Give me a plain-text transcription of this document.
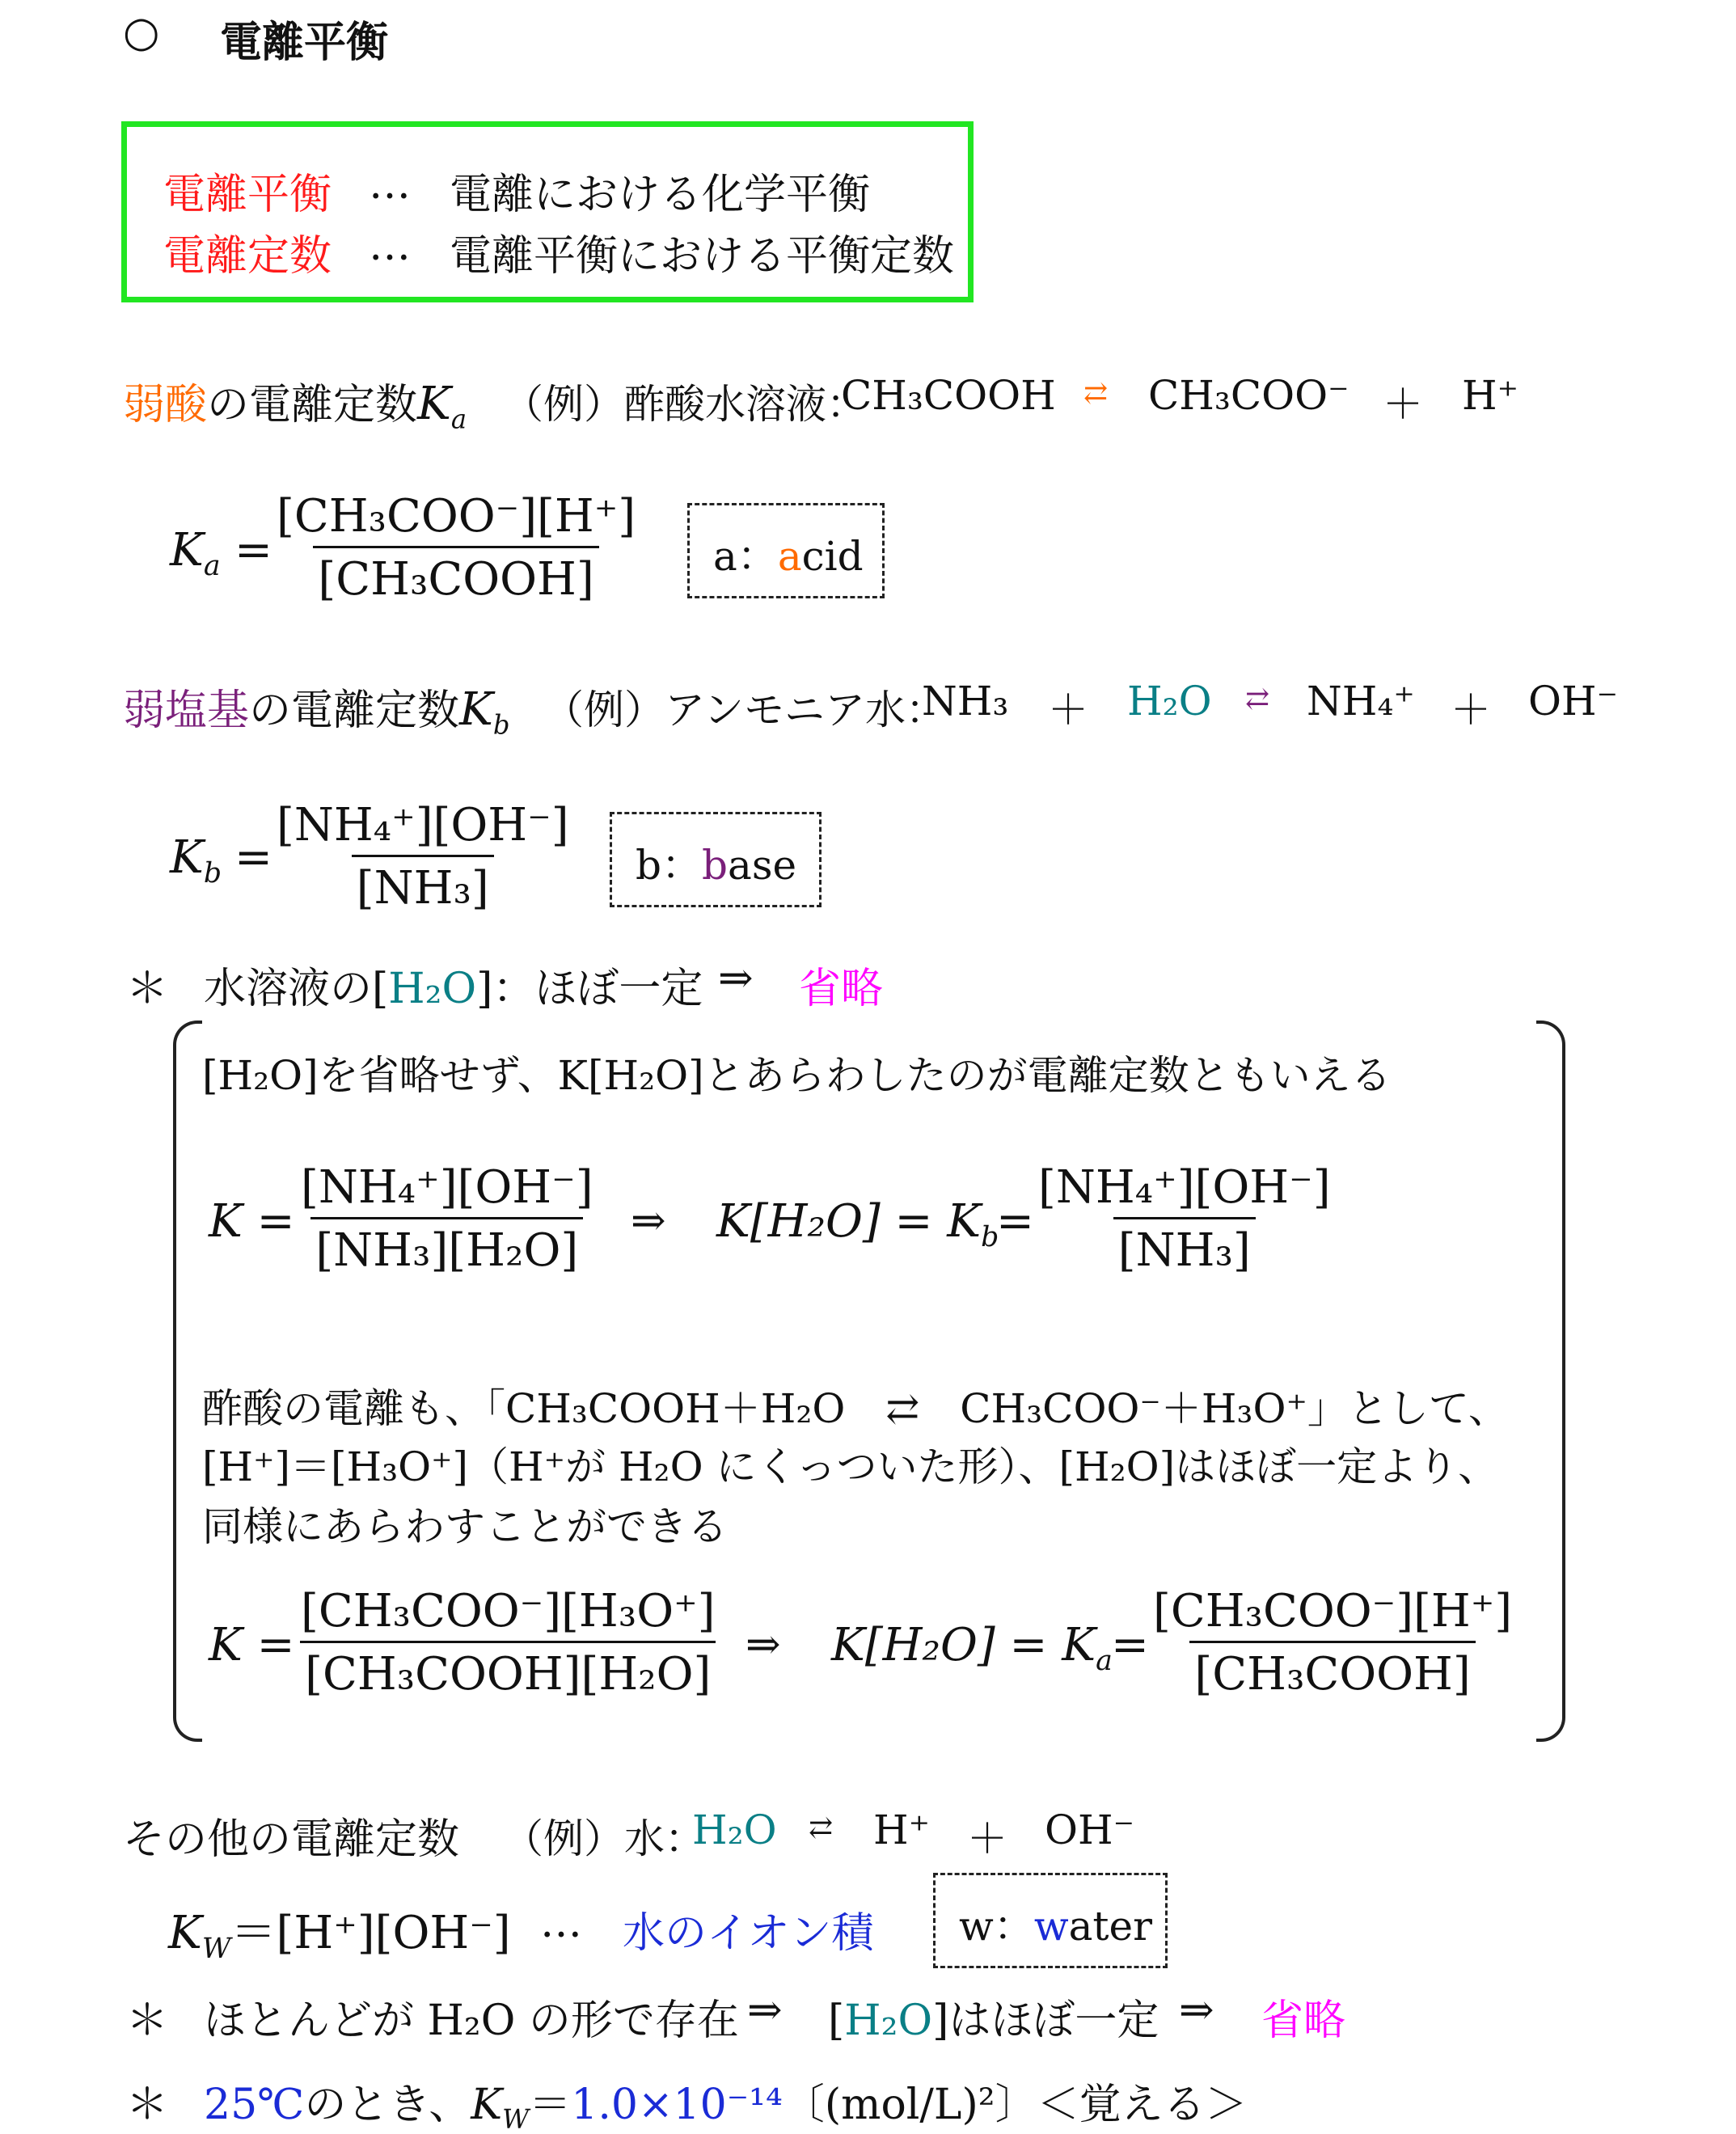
○ 電離平衡
電離平衡 … 電離における化学平衡
電離定数 … 電離平衡における平衡定数
弱酸の電離定数$K_a$ （例）酢酸水溶液：
CH₃COOH ⇄ CH₃COO⁻ ＋ H⁺
$K_a$ =
[CH₃COO⁻][H⁺]
[CH₃COOH]	a：acid
弱塩基の電離定数$K_b$ （例）アンモニア水：
NH₃ ＋ H₂O ⇄ NH₄⁺ ＋ OH⁻
$K_b = \frac{\text{[NH₄⁺][OH⁻]}}{\text{[NH₃]}}$ b：base
＊ 水溶液の[H₂O]：ほぼ一定 ⇒ 省略
[H₂O]を省略せず、K[H₂O]とあらわしたのが電離定数ともいえる
$K = \frac{\text{[NH₄⁺][OH⁻]}}{\text{[NH₃][H₂O]}}$ ⇒ $K[H_2O] = K_b$
= $\frac{\text{[NH₄⁺][OH⁻]}}{\text{[NH₃]}}$
酢酸の電離も、「CH₃COOH＋H₂O　⇄　CH₃COO⁻＋H₃O⁺」として、
[H⁺]＝[H₃O⁺]（H⁺が H₂O にくっついた形）、[H₂O]はほぼ一定より、
同様にあらわすことができる
K =
[CH₃COO⁻][H₃O⁺]
[CH₃COOH][H₂O]
⇒ $K[H_2O] = K_a$
=
[CH₃COO⁻][H⁺]
[CH₃COOH]
その他の電離定数 （例）水：
H₂O ⇄ H⁺ ＋ OH⁻
$K_W=[H^+][OH^-]$ … 水のイオン積 w：water
＊ ほとんどが H₂O の形で存在 ⇒ [H₂O]はほぼ一定 ⇒ 省略
＊ 25℃のとき、$K_W=1.0\times 10^{-14}$〔(mol/L)²〕＜覚える＞
